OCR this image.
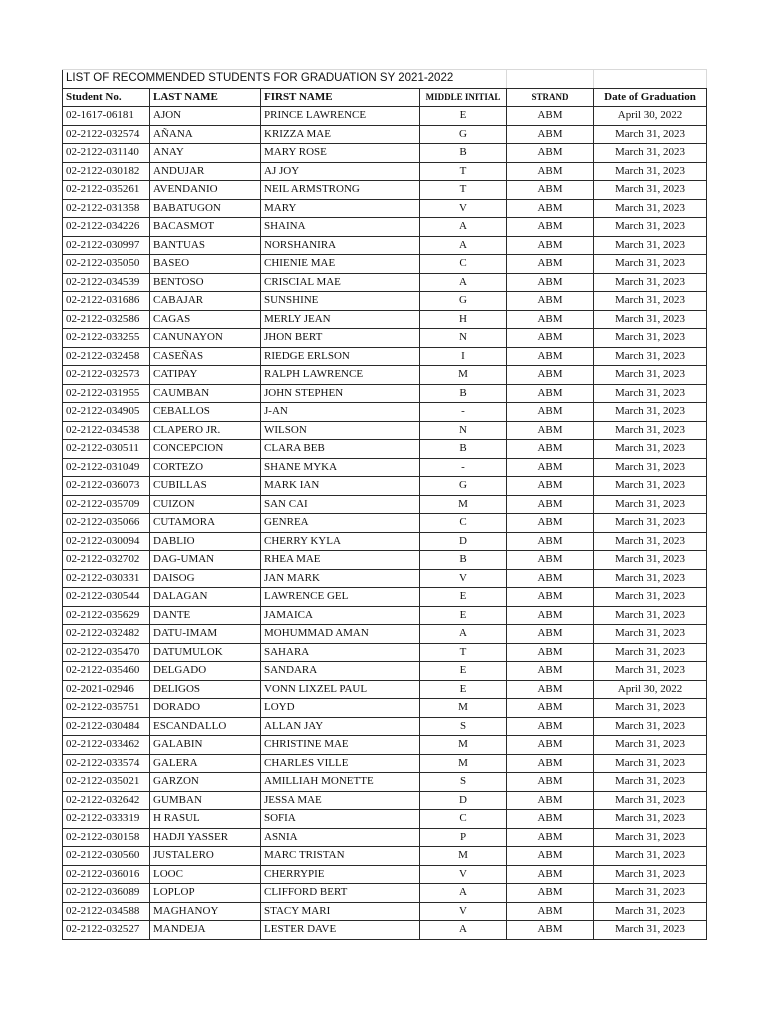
LIST OF RECOMMENDED STUDENTS FOR GRADUATION SY 2021-2022					
Student No.	LAST NAME	FIRST NAME	MIDDLE INITIAL	STRAND	Date of Graduation
02-1617-06181	AJON	PRINCE LAWRENCE	E	ABM	April 30, 2022
02-2122-032574	AÑANA	KRIZZA MAE	G	ABM	March 31, 2023
02-2122-031140	ANAY	MARY ROSE	B	ABM	March 31, 2023
02-2122-030182	ANDUJAR	AJ JOY	T	ABM	March 31, 2023
02-2122-035261	AVENDANIO	NEIL ARMSTRONG	T	ABM	March 31, 2023
02-2122-031358	BABATUGON	MARY	V	ABM	March 31, 2023
02-2122-034226	BACASMOT	SHAINA	A	ABM	March 31, 2023
02-2122-030997	BANTUAS	NORSHANIRA	A	ABM	March 31, 2023
02-2122-035050	BASEO	CHIENIE MAE	C	ABM	March 31, 2023
02-2122-034539	BENTOSO	CRISCIAL MAE	A	ABM	March 31, 2023
02-2122-031686	CABAJAR	SUNSHINE	G	ABM	March 31, 2023
02-2122-032586	CAGAS	MERLY JEAN	H	ABM	March 31, 2023
02-2122-033255	CANUNAYON	JHON BERT	N	ABM	March 31, 2023
02-2122-032458	CASEÑAS	RIEDGE ERLSON	I	ABM	March 31, 2023
02-2122-032573	CATIPAY	RALPH LAWRENCE	M	ABM	March 31, 2023
02-2122-031955	CAUMBAN	JOHN STEPHEN	B	ABM	March 31, 2023
02-2122-034905	CEBALLOS	J-AN	-	ABM	March 31, 2023
02-2122-034538	CLAPERO JR.	WILSON	N	ABM	March 31, 2023
02-2122-030511	CONCEPCION	CLARA BEB	B	ABM	March 31, 2023
02-2122-031049	CORTEZO	SHANE MYKA	-	ABM	March 31, 2023
02-2122-036073	CUBILLAS	MARK IAN	G	ABM	March 31, 2023
02-2122-035709	CUIZON	SAN CAI	M	ABM	March 31, 2023
02-2122-035066	CUTAMORA	GENREA	C	ABM	March 31, 2023
02-2122-030094	DABLIO	CHERRY KYLA	D	ABM	March 31, 2023
02-2122-032702	DAG-UMAN	RHEA MAE	B	ABM	March 31, 2023
02-2122-030331	DAISOG	JAN MARK	V	ABM	March 31, 2023
02-2122-030544	DALAGAN	LAWRENCE GEL	E	ABM	March 31, 2023
02-2122-035629	DANTE	JAMAICA	E	ABM	March 31, 2023
02-2122-032482	DATU-IMAM	MOHUMMAD AMAN	A	ABM	March 31, 2023
02-2122-035470	DATUMULOK	SAHARA	T	ABM	March 31, 2023
02-2122-035460	DELGADO	SANDARA	E	ABM	March 31, 2023
02-2021-02946	DELIGOS	VONN LIXZEL PAUL	E	ABM	April 30, 2022
02-2122-035751	DORADO	LOYD	M	ABM	March 31, 2023
02-2122-030484	ESCANDALLO	ALLAN JAY	S	ABM	March 31, 2023
02-2122-033462	GALABIN	CHRISTINE MAE	M	ABM	March 31, 2023
02-2122-033574	GALERA	CHARLES VILLE	M	ABM	March 31, 2023
02-2122-035021	GARZON	AMILLIAH MONETTE	S	ABM	March 31, 2023
02-2122-032642	GUMBAN	JESSA MAE	D	ABM	March 31, 2023
02-2122-033319	H RASUL	SOFIA	C	ABM	March 31, 2023
02-2122-030158	HADJI YASSER	ASNIA	P	ABM	March 31, 2023
02-2122-030560	JUSTALERO	MARC TRISTAN	M	ABM	March 31, 2023
02-2122-036016	LOOC	CHERRYPIE	V	ABM	March 31, 2023
02-2122-036089	LOPLOP	CLIFFORD BERT	A	ABM	March 31, 2023
02-2122-034588	MAGHANOY	STACY MARI	V	ABM	March 31, 2023
02-2122-032527	MANDEJA	LESTER DAVE	A	ABM	March 31, 2023
